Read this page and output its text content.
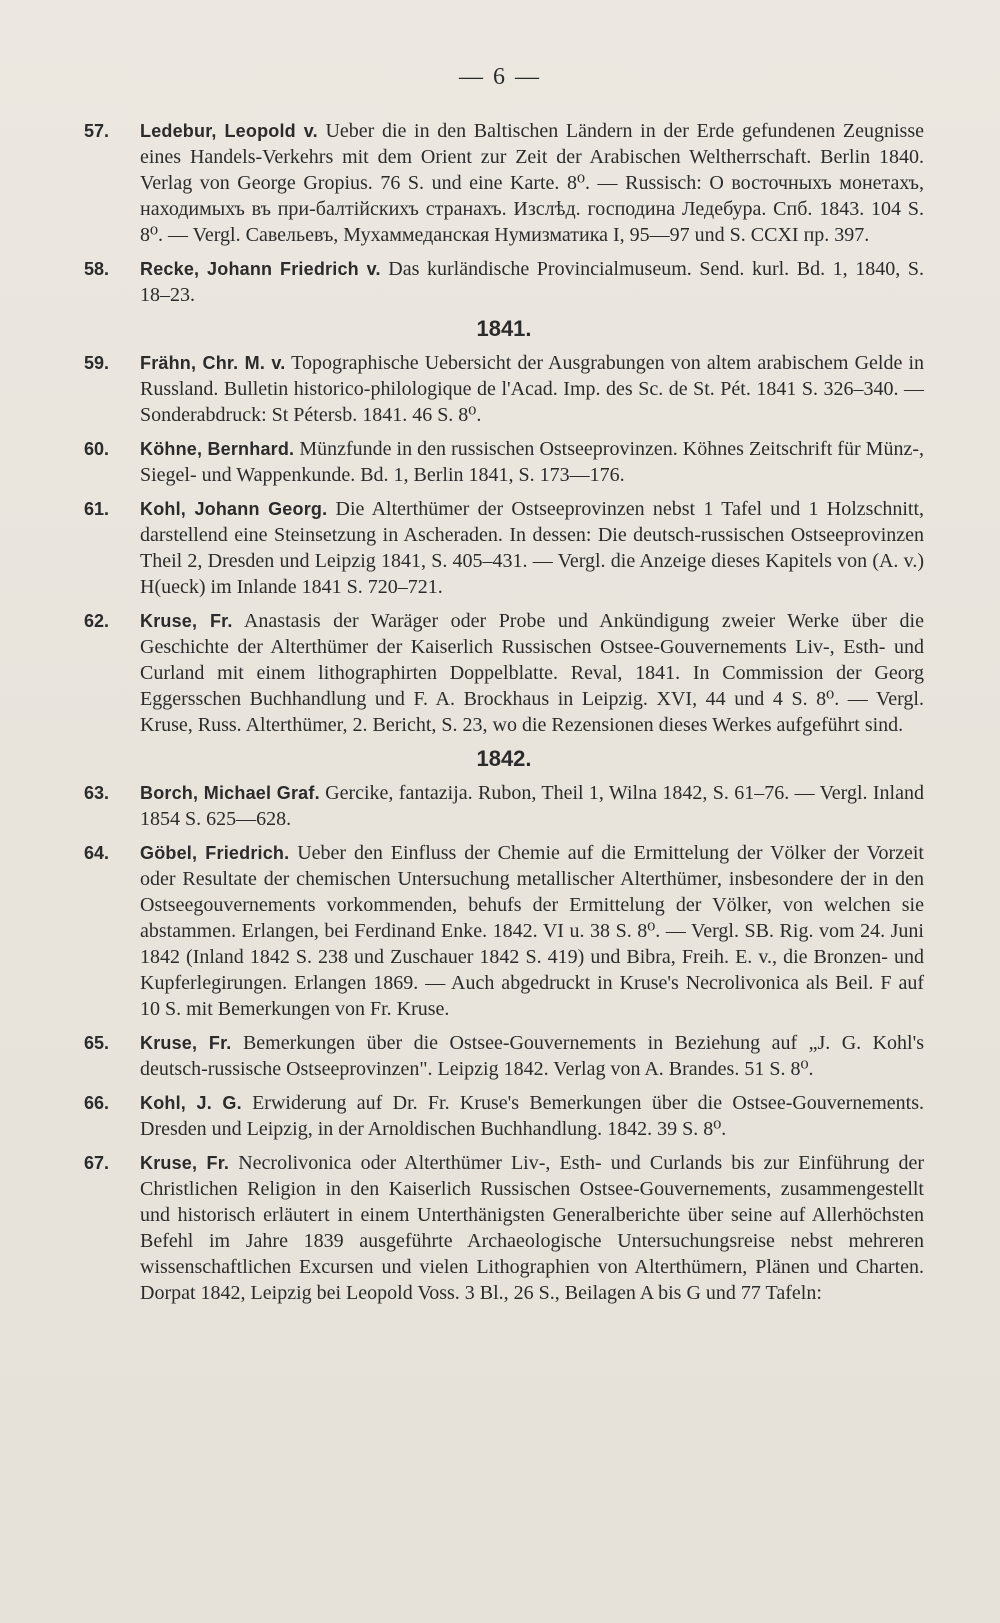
— 6 —
57. Ledebur, Leopold v. Ueber die in den Baltischen Ländern in der Erde gefundenen Zeugnisse eines Handels-Verkehrs mit dem Orient zur Zeit der Arabischen Weltherrschaft. Berlin 1840. Verlag von George Gropius. 76 S. und eine Karte. 8⁰. — Russisch: О восточныхъ монетахъ, находимыхъ въ при-балтiйскихъ странахъ. Изслѣд. господина Ледебура. Спб. 1843. 104 S. 8⁰. — Vergl. Савельевъ, Мухаммеданская Нумизматика I, 95—97 und S. CCXI пр. 397.
58. Recke, Johann Friedrich v. Das kurländische Provincialmuseum. Send. kurl. Bd. 1, 1840, S. 18–23.
1841.
59. Frähn, Chr. M. v. Topographische Uebersicht der Ausgrabungen von altem arabischem Gelde in Russland. Bulletin historico-philologique de l'Acad. Imp. des Sc. de St. Pét. 1841 S. 326–340. — Sonderabdruck: St Pétersb. 1841. 46 S. 8⁰.
60. Köhne, Bernhard. Münzfunde in den russischen Ostseeprovinzen. Köhnes Zeitschrift für Münz-, Siegel- und Wappenkunde. Bd. 1, Berlin 1841, S. 173—176.
61. Kohl, Johann Georg. Die Alterthümer der Ostseeprovinzen nebst 1 Tafel und 1 Holzschnitt, darstellend eine Steinsetzung in Ascheraden. In dessen: Die deutsch-russischen Ostseeprovinzen Theil 2, Dresden und Leipzig 1841, S. 405–431. — Vergl. die Anzeige dieses Kapitels von (A. v.) H(ueck) im Inlande 1841 S. 720–721.
62. Kruse, Fr. Anastasis der Waräger oder Probe und Ankündigung zweier Werke über die Geschichte der Alterthümer der Kaiserlich Russischen Ostsee-Gouvernements Liv-, Esth- und Curland mit einem lithographirten Doppelblatte. Reval, 1841. In Commission der Georg Eggersschen Buchhandlung und F. A. Brockhaus in Leipzig. XVI, 44 und 4 S. 8⁰. — Vergl. Kruse, Russ. Alterthümer, 2. Bericht, S. 23, wo die Rezensionen dieses Werkes aufgeführt sind.
1842.
63. Borch, Michael Graf. Gercike, fantazija. Rubon, Theil 1, Wilna 1842, S. 61–76. — Vergl. Inland 1854 S. 625—628.
64. Göbel, Friedrich. Ueber den Einfluss der Chemie auf die Ermittelung der Völker der Vorzeit oder Resultate der chemischen Untersuchung metallischer Alterthümer, insbesondere der in den Ostseegouvernements vorkommenden, behufs der Ermittelung der Völker, von welchen sie abstammen. Erlangen, bei Ferdinand Enke. 1842. VI u. 38 S. 8⁰. — Vergl. SB. Rig. vom 24. Juni 1842 (Inland 1842 S. 238 und Zuschauer 1842 S. 419) und Bibra, Freih. E. v., die Bronzen- und Kupferlegirungen. Erlangen 1869. — Auch abgedruckt in Kruse's Necrolivonica als Beil. F auf 10 S. mit Bemerkungen von Fr. Kruse.
65. Kruse, Fr. Bemerkungen über die Ostsee-Gouvernements in Beziehung auf „J. G. Kohl's deutsch-russische Ostseeprovinzen". Leipzig 1842. Verlag von A. Brandes. 51 S. 8⁰.
66. Kohl, J. G. Erwiderung auf Dr. Fr. Kruse's Bemerkungen über die Ostsee-Gouvernements. Dresden und Leipzig, in der Arnoldischen Buchhandlung. 1842. 39 S. 8⁰.
67. Kruse, Fr. Necrolivonica oder Alterthümer Liv-, Esth- und Curlands bis zur Einführung der Christlichen Religion in den Kaiserlich Russischen Ostsee-Gouvernements, zusammengestellt und historisch erläutert in einem Unterthänigsten Generalberichte über seine auf Allerhöchsten Befehl im Jahre 1839 ausgeführte Archaeologische Untersuchungsreise nebst mehreren wissenschaftlichen Excursen und vielen Lithographien von Alterthümern, Plänen und Charten. Dorpat 1842, Leipzig bei Leopold Voss. 3 Bl., 26 S., Beilagen A bis G und 77 Tafeln:
